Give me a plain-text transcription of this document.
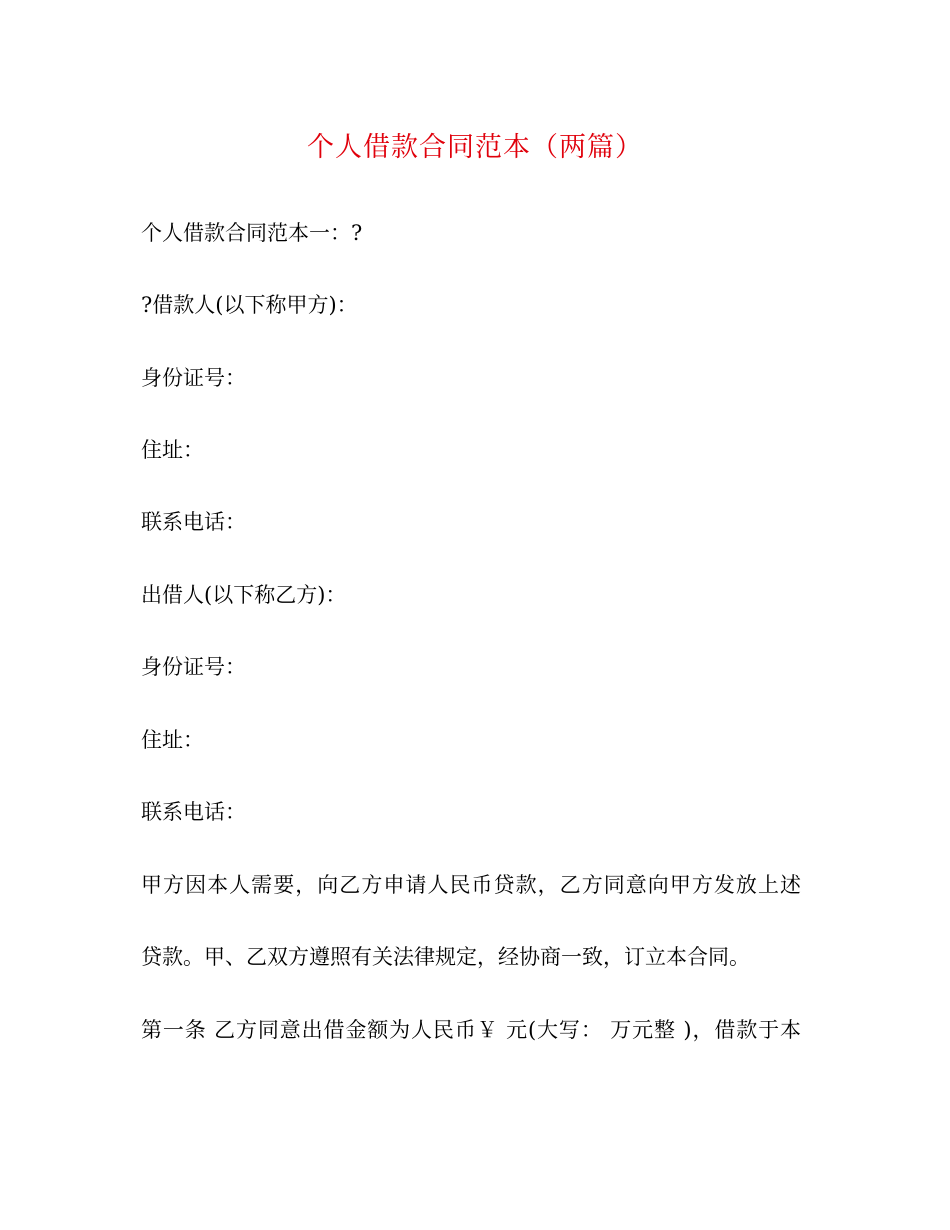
个人借款合同范本（两篇）
个人借款合同范本一：?
?借款人(以下称甲方)：
身份证号：
住址：
联系电话：
出借人(以下称乙方)：
身份证号：
住址：
联系电话：
甲方因本人需要，向乙方申请人民币贷款，乙方同意向甲方发放上述
贷款。甲、乙双方遵照有关法律规定，经协商一致，订立本合同。
第一条 乙方同意出借金额为人民币￥ 元(大写： 万元整 )，借款于本
